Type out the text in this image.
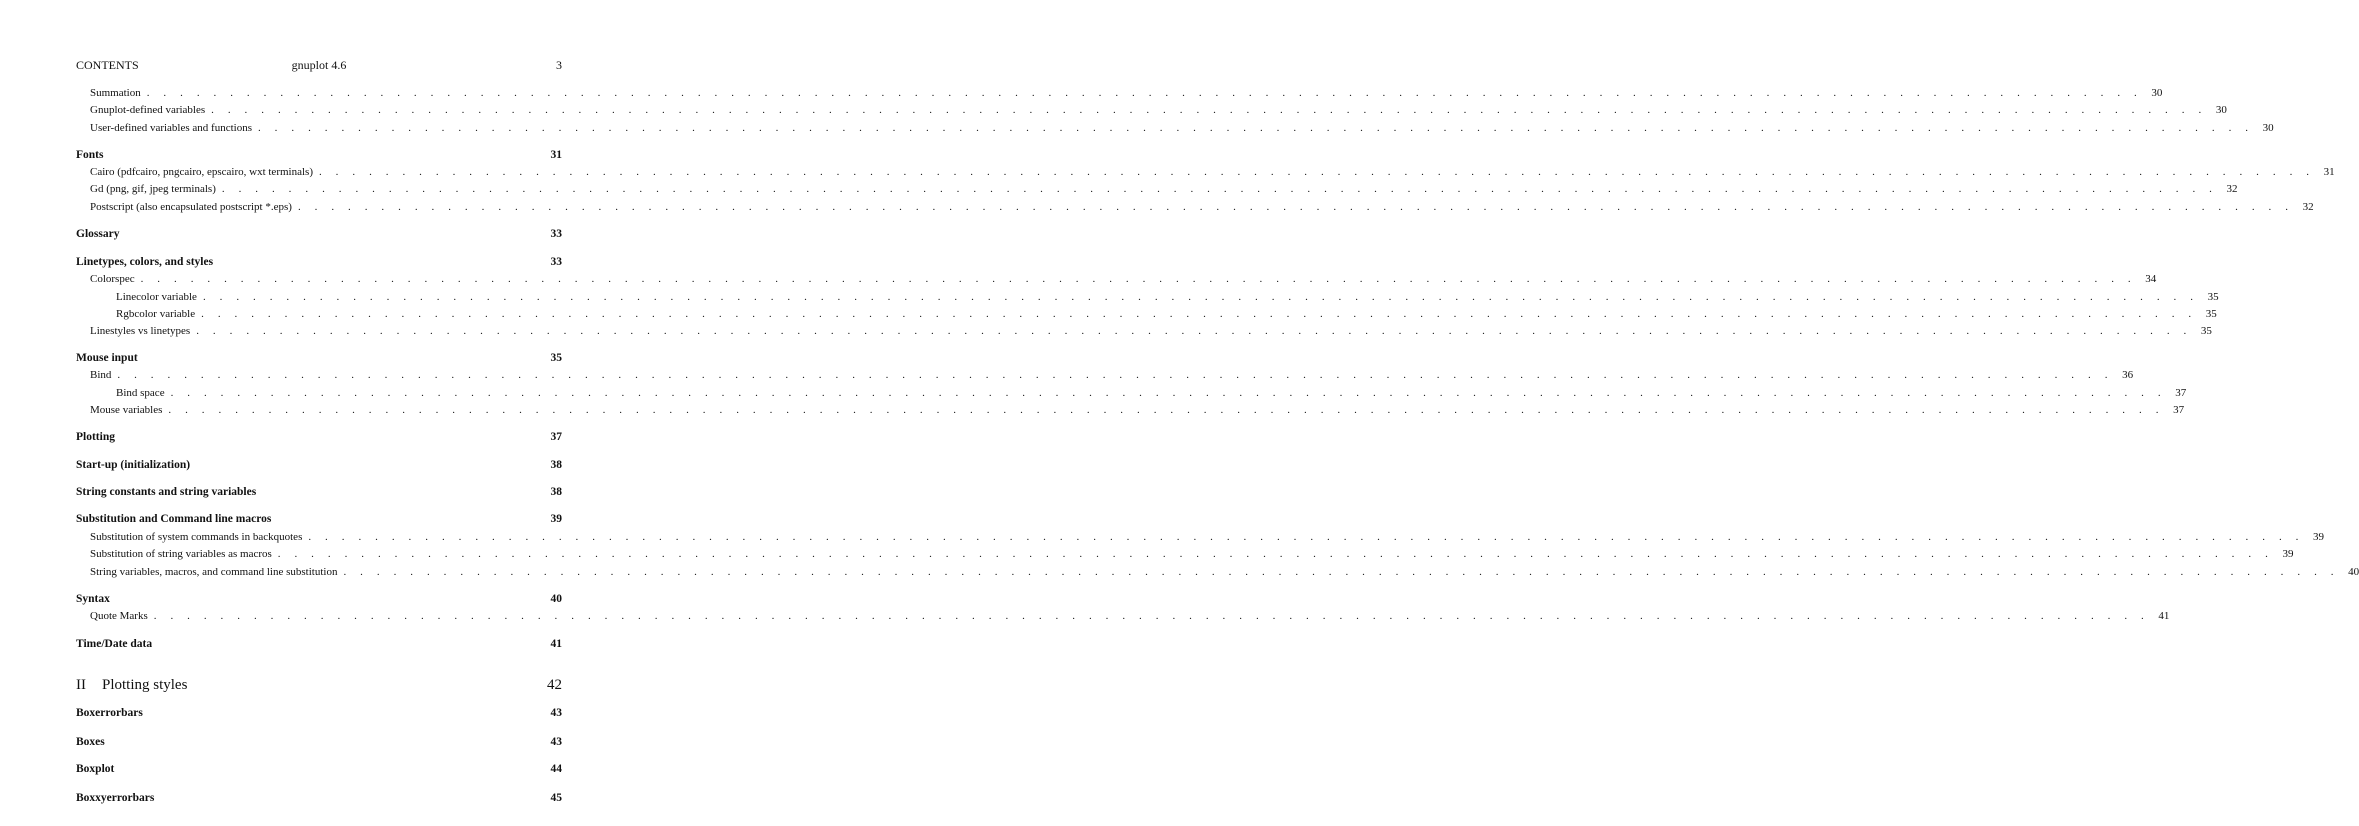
CONTENTS	gnuplot 4.6	3
Summation . . . . . . . . . . . . . . . . . . . . . . . . . . . . . . . . . . . . . . . . . . . . . . . . . . . . . . . . . . . . . . . . . . . . . . . . . . . . . . . . . . . . . . . . . . . . . . . . . . . . . . . . . . . . . . . . . . . . . . . . 30
Gnuplot-defined variables . . . . . . . . . . . . . . . . . . . . . . . . . . . . . . . . . . . . . . . . . . . . . . . . . . . . . . . . . . . . . . . . . . . . . . . . . . . . . . . . . . . . . . . . . . . . . . . . . . . . . . . . . . . . . . . . . . . . . . . . 30
User-defined variables and functions . . . . . . . . . . . . . . . . . . . . . . . . . . . . . . . . . . . . . . . . . . . . . . . . . . . . . . . . . . . . . . . . . . . . . . . . . . . . . . . . . . . . . . . . . . . . . . . . . . . . . . . . . . . . . . . . . . . . . . . . 30
Fonts	31
Cairo (pdfcairo, pngcairo, epscairo, wxt terminals) . . . . . . . . . . . . . . . . . . . . . . . . . . . . . . . . . . . . . . . . . . . . . . . . . . . . . . . . . . . . . . . . . . . . . . . . . . . . . . . . . . . . . . . . . . . . . . . . . . . . . . . . . . . . . . . . . . . . . . . . 31
Gd (png, gif, jpeg terminals) . . . . . . . . . . . . . . . . . . . . . . . . . . . . . . . . . . . . . . . . . . . . . . . . . . . . . . . . . . . . . . . . . . . . . . . . . . . . . . . . . . . . . . . . . . . . . . . . . . . . . . . . . . . . . . . . . . . . . . . . 32
Postscript (also encapsulated postscript *.eps) . . . . . . . . . . . . . . . . . . . . . . . . . . . . . . . . . . . . . . . . . . . . . . . . . . . . . . . . . . . . . . . . . . . . . . . . . . . . . . . . . . . . . . . . . . . . . . . . . . . . . . . . . . . . . . . . . . . . . . . . 32
Glossary	33
Linetypes, colors, and styles	33
Colorspec . . . . . . . . . . . . . . . . . . . . . . . . . . . . . . . . . . . . . . . . . . . . . . . . . . . . . . . . . . . . . . . . . . . . . . . . . . . . . . . . . . . . . . . . . . . . . . . . . . . . . . . . . . . . . . . . . . . . . . . . 34
Linecolor variable . . . . . . . . . . . . . . . . . . . . . . . . . . . . . . . . . . . . . . . . . . . . . . . . . . . . . . . . . . . . . . . . . . . . . . . . . . . . . . . . . . . . . . . . . . . . . . . . . . . . . . . . . . . . . . . . . . . . . . . . 35
Rgbcolor variable . . . . . . . . . . . . . . . . . . . . . . . . . . . . . . . . . . . . . . . . . . . . . . . . . . . . . . . . . . . . . . . . . . . . . . . . . . . . . . . . . . . . . . . . . . . . . . . . . . . . . . . . . . . . . . . . . . . . . . . . 35
Linestyles vs linetypes . . . . . . . . . . . . . . . . . . . . . . . . . . . . . . . . . . . . . . . . . . . . . . . . . . . . . . . . . . . . . . . . . . . . . . . . . . . . . . . . . . . . . . . . . . . . . . . . . . . . . . . . . . . . . . . . . . . . . . . . 35
Mouse input	35
Bind . . . . . . . . . . . . . . . . . . . . . . . . . . . . . . . . . . . . . . . . . . . . . . . . . . . . . . . . . . . . . . . . . . . . . . . . . . . . . . . . . . . . . . . . . . . . . . . . . . . . . . . . . . . . . . . . . . . . . . . . 36
Bind space . . . . . . . . . . . . . . . . . . . . . . . . . . . . . . . . . . . . . . . . . . . . . . . . . . . . . . . . . . . . . . . . . . . . . . . . . . . . . . . . . . . . . . . . . . . . . . . . . . . . . . . . . . . . . . . . . . . . . . . . 37
Mouse variables . . . . . . . . . . . . . . . . . . . . . . . . . . . . . . . . . . . . . . . . . . . . . . . . . . . . . . . . . . . . . . . . . . . . . . . . . . . . . . . . . . . . . . . . . . . . . . . . . . . . . . . . . . . . . . . . . . . . . . . . 37
Plotting	37
Start-up (initialization)	38
String constants and string variables	38
Substitution and Command line macros	39
Substitution of system commands in backquotes . . . . . . . . . . . . . . . . . . . . . . . . . . . . . . . . . . . . . . . . . . . . . . . . . . . . . . . . . . . . . . . . . . . . . . . . . . . . . . . . . . . . . . . . . . . . . . . . . . . . . . . . . . . . . . . . . . . . . . . . 39
Substitution of string variables as macros . . . . . . . . . . . . . . . . . . . . . . . . . . . . . . . . . . . . . . . . . . . . . . . . . . . . . . . . . . . . . . . . . . . . . . . . . . . . . . . . . . . . . . . . . . . . . . . . . . . . . . . . . . . . . . . . . . . . . . . . 39
String variables, macros, and command line substitution . . . . . . . . . . . . . . . . . . . . . . . . . . . . . . . . . . . . . . . . . . . . . . . . . . . . . . . . . . . . . . . . . . . . . . . . . . . . . . . . . . . . . . . . . . . . . . . . . . . . . . . . . . . . . . . . . . . . . . . . 40
Syntax	40
Quote Marks . . . . . . . . . . . . . . . . . . . . . . . . . . . . . . . . . . . . . . . . . . . . . . . . . . . . . . . . . . . . . . . . . . . . . . . . . . . . . . . . . . . . . . . . . . . . . . . . . . . . . . . . . . . . . . . . . . . . . . . . 41
Time/Date data	41
II Plotting styles	42
Boxerrorbars	43
Boxes	43
Boxplot	44
Boxxyerrorbars	45
